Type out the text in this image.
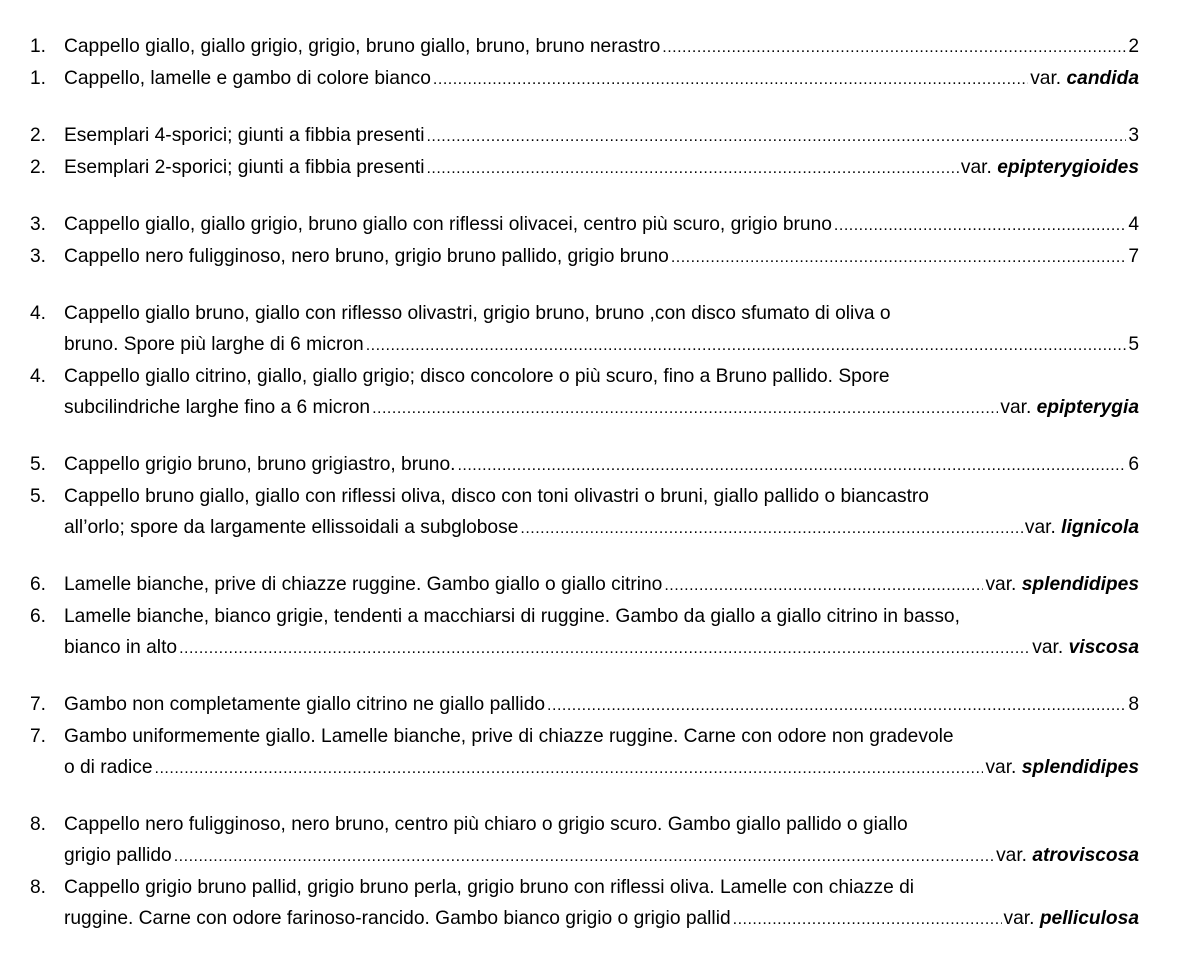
1. Cappello giallo, giallo grigio, grigio, bruno giallo, bruno, bruno nerastro .....	2
1. Cappello, lamelle e gambo di colore bianco .....	var. candida
2. Esemplari 4-sporici; giunti a fibbia presenti .....	3
2. Esemplari 2-sporici; giunti a fibbia presenti .....	var. epipterygioides
3. Cappello giallo, giallo grigio, bruno giallo con riflessi olivacei, centro più scuro, grigio bruno .....	4
3. Cappello nero fuligginoso, nero bruno, grigio bruno pallido, grigio bruno .....	7
4. Cappello giallo bruno, giallo con riflesso olivastri, grigio bruno, bruno ,con disco sfumato di oliva o
bruno. Spore più larghe di 6 micron .....	5
4. Cappello giallo citrino, giallo, giallo grigio; disco concolore o più scuro, fino a Bruno pallido. Spore
subcilindriche larghe fino a 6 micron .....	var. epipterygia
5. Cappello grigio bruno, bruno grigiastro, bruno. .....	6
5. Cappello bruno giallo, giallo con riflessi oliva, disco con toni olivastri o bruni, giallo pallido o biancastro
all’orlo; spore da largamente ellissoidali a subglobose .....	var. lignicola
6. Lamelle bianche, prive di chiazze ruggine. Gambo giallo o giallo citrino .....	var. splendidipes
6. Lamelle bianche, bianco grigie, tendenti a macchiarsi di ruggine. Gambo da giallo a giallo citrino in basso,
bianco in alto .....	var. viscosa
7. Gambo non completamente giallo citrino ne giallo pallido .....	8
7. Gambo uniformemente giallo. Lamelle bianche, prive di chiazze ruggine. Carne con odore non gradevole
o di radice .....	var. splendidipes
8. Cappello nero fuligginoso, nero bruno, centro più chiaro o grigio scuro. Gambo giallo pallido o giallo
grigio pallido .....	var. atroviscosa
8. Cappello grigio bruno pallid, grigio bruno perla, grigio bruno con riflessi oliva. Lamelle con chiazze di
ruggine. Carne con odore farinoso-rancido. Gambo bianco grigio o grigio pallid .....	var. pelliculosa
